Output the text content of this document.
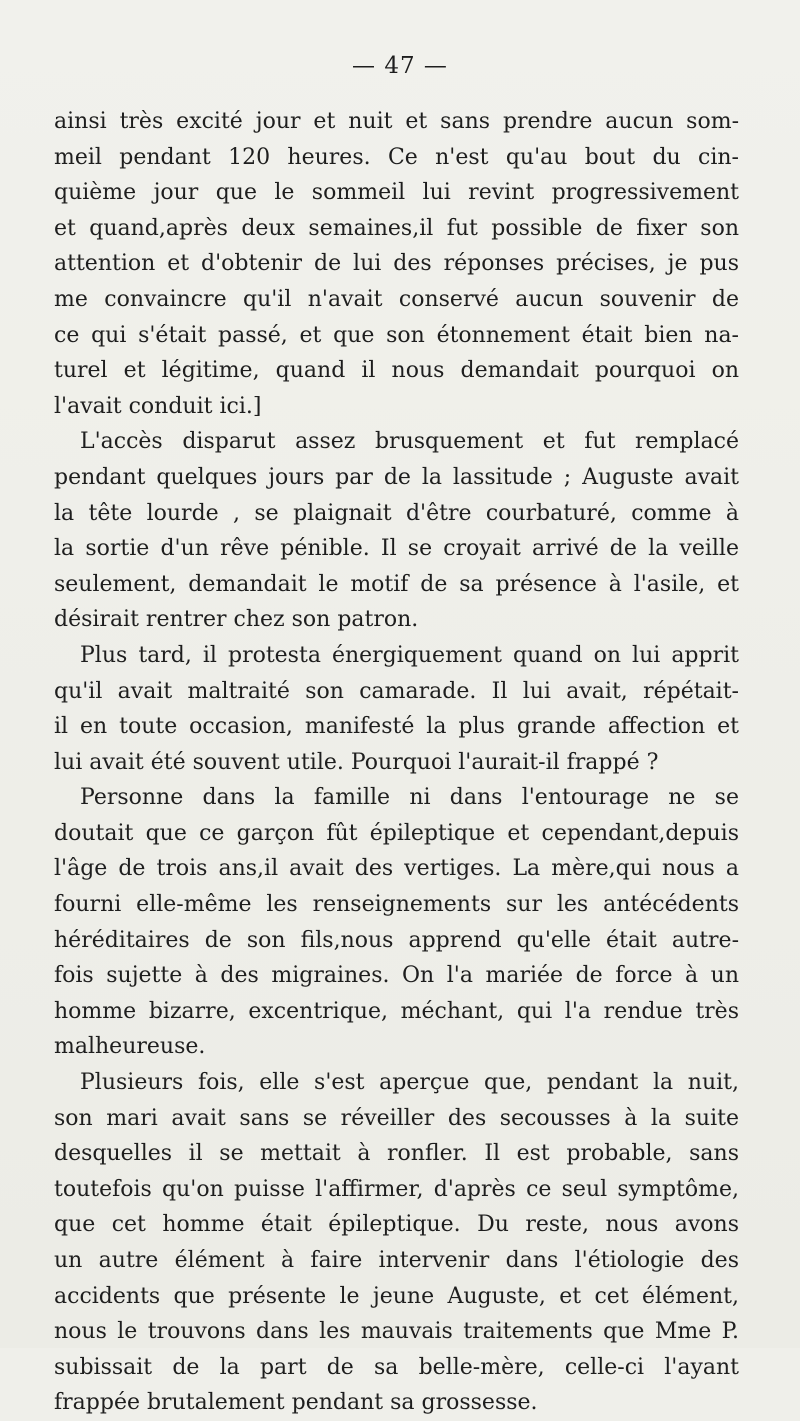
— 47 —
ainsi très excité jour et nuit et sans prendre aucun som-
meil pendant 120 heures. Ce n'est qu'au bout du cin-
quième jour que le sommeil lui revint progressivement
et quand,après deux semaines,il fut possible de fixer son
attention et d'obtenir de lui des réponses précises, je pus
me convaincre qu'il n'avait conservé aucun souvenir de
ce qui s'était passé, et que son étonnement était bien na-
turel et légitime, quand il nous demandait pourquoi on
l'avait conduit ici.]
L'accès disparut assez brusquement et fut remplacé
pendant quelques jours par de la lassitude ; Auguste avait
la tête lourde , se plaignait d'être courbaturé, comme à
la sortie d'un rêve pénible. Il se croyait arrivé de la veille
seulement, demandait le motif de sa présence à l'asile, et
désirait rentrer chez son patron.
Plus tard, il protesta énergiquement quand on lui apprit
qu'il avait maltraité son camarade. Il lui avait, répétait-
il en toute occasion, manifesté la plus grande affection et
lui avait été souvent utile. Pourquoi l'aurait-il frappé ?
Personne dans la famille ni dans l'entourage ne se
doutait que ce garçon fût épileptique et cependant,depuis
l'âge de trois ans,il avait des vertiges. La mère,qui nous a
fourni elle-même les renseignements sur les antécédents
héréditaires de son fils,nous apprend qu'elle était autre-
fois sujette à des migraines. On l'a mariée de force à un
homme bizarre, excentrique, méchant, qui l'a rendue très
malheureuse.
Plusieurs fois, elle s'est aperçue que, pendant la nuit,
son mari avait sans se réveiller des secousses à la suite
desquelles il se mettait à ronfler. Il est probable, sans
toutefois qu'on puisse l'affirmer, d'après ce seul symptôme,
que cet homme était épileptique. Du reste, nous avons
un autre élément à faire intervenir dans l'étiologie des
accidents que présente le jeune Auguste, et cet élément,
nous le trouvons dans les mauvais traitements que Mme P.
subissait de la part de sa belle-mère, celle-ci l'ayant
frappée brutalement pendant sa grossesse.
